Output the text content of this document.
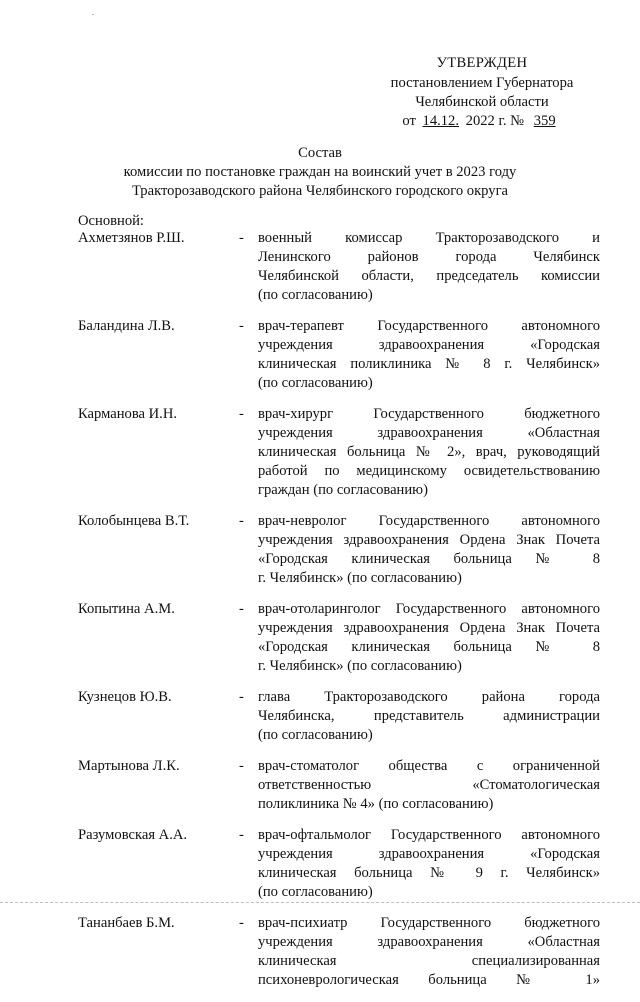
УТВЕРЖДЕН
постановлением Губернатора
Челябинской области
от 14.12. 2022 г. № 359
Состав
комиссии по постановке граждан на воинский учет в 2023 году
Тракторозаводского района Челябинского городского округа
Основной:
Ахметзянов Р.Ш.	- военный комиссар Тракторозаводского и
Ленинского районов города Челябинск
Челябинской области, председатель комиссии
(по согласованию)
Баландина Л.В.	- врач-терапевт Государственного автономного
учреждения здравоохранения «Городская
клиническая поликлиника № 8 г. Челябинск»
(по согласованию)
Карманова И.Н.	- врач-хирург Государственного бюджетного
учреждения здравоохранения «Областная
клиническая больница № 2», врач, руководящий
работой по медицинскому освидетельствованию
граждан (по согласованию)
Колобынцева В.Т.	- врач-невролог Государственного автономного
учреждения здравоохранения Ордена Знак Почета
«Городская клиническая больница № 8
г. Челябинск» (по согласованию)
Копытина А.М.	- врач-отоларинголог Государственного автономного
учреждения здравоохранения Ордена Знак Почета
«Городская клиническая больница № 8
г. Челябинск» (по согласованию)
Кузнецов Ю.В.	- глава Тракторозаводского района города
Челябинска, представитель администрации
(по согласованию)
Мартынова Л.К.	- врач-стоматолог общества с ограниченной
ответственностью «Стоматологическая
поликлиника № 4» (по согласованию)
Разумовская А.А.	- врач-офтальмолог Государственного автономного
учреждения здравоохранения «Городская
клиническая больница № 9 г. Челябинск»
(по согласованию)
Тананбаев Б.М.	- врач-психиатр Государственного бюджетного
учреждения здравоохранения «Областная
клиническая специализированная
психоневрологическая больница № 1»
